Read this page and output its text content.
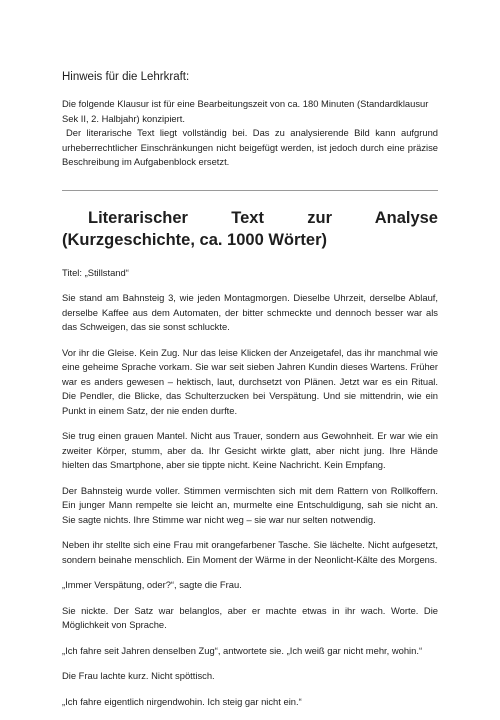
Hinweis für die Lehrkraft:

Die folgende Klausur ist für eine Bearbeitungszeit von ca. 180 Minuten (Standardklausur Sek II, 2. Halbjahr) konzipiert.

Der literarische Text liegt vollständig bei. Das zu analysierende Bild kann aufgrund urheberrechtlicher Einschränkungen nicht beigefügt werden, ist jedoch durch eine präzise Beschreibung im Aufgabenblock ersetzt.

Literarischer Text zur Analyse (Kurzgeschichte, ca. 1000 Wörter)

Titel: „Stillstand“

Sie stand am Bahnsteig 3, wie jeden Montagmorgen. Dieselbe Uhrzeit, derselbe Ablauf, derselbe Kaffee aus dem Automaten, der bitter schmeckte und dennoch besser war als das Schweigen, das sie sonst schluckte.

Vor ihr die Gleise. Kein Zug. Nur das leise Klicken der Anzeigetafel, das ihr manchmal wie eine geheime Sprache vorkam. Sie war seit sieben Jahren Kundin dieses Wartens. Früher war es anders gewesen – hektisch, laut, durchsetzt von Plänen. Jetzt war es ein Ritual. Die Pendler, die Blicke, das Schulterzucken bei Verspätung. Und sie mittendrin, wie ein Punkt in einem Satz, der nie enden durfte.

Sie trug einen grauen Mantel. Nicht aus Trauer, sondern aus Gewohnheit. Er war wie ein zweiter Körper, stumm, aber da. Ihr Gesicht wirkte glatt, aber nicht jung. Ihre Hände hielten das Smartphone, aber sie tippte nicht. Keine Nachricht. Kein Empfang.

Der Bahnsteig wurde voller. Stimmen vermischten sich mit dem Rattern von Rollkoffern. Ein junger Mann rempelte sie leicht an, murmelte eine Entschuldigung, sah sie nicht an. Sie sagte nichts. Ihre Stimme war nicht weg – sie war nur selten notwendig.

Neben ihr stellte sich eine Frau mit orangefarbener Tasche. Sie lächelte. Nicht aufgesetzt, sondern beinahe menschlich. Ein Moment der Wärme in der Neonlicht-Kälte des Morgens.

„Immer Verspätung, oder?“, sagte die Frau.

Sie nickte. Der Satz war belanglos, aber er machte etwas in ihr wach. Worte. Die Möglichkeit von Sprache.

„Ich fahre seit Jahren denselben Zug“, antwortete sie. „Ich weiß gar nicht mehr, wohin.“

Die Frau lachte kurz. Nicht spöttisch.

„Ich fahre eigentlich nirgendwohin. Ich steig gar nicht ein.“
